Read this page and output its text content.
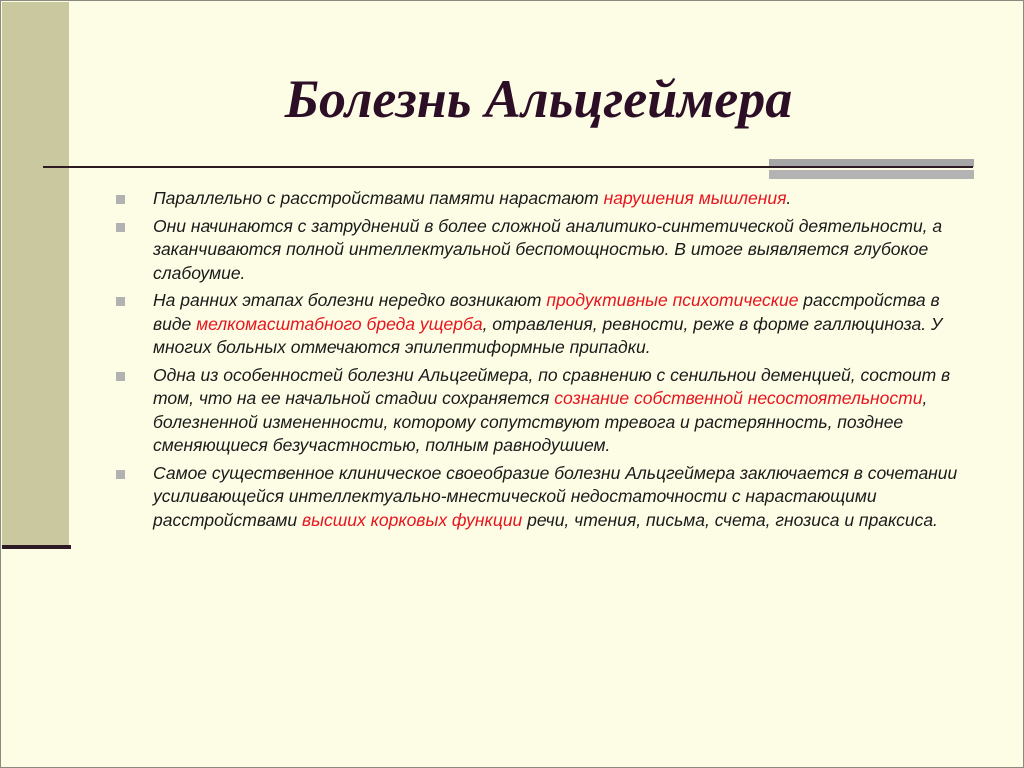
Болезнь Альцгеймера
Параллельно с расстройствами памяти нарастают нарушения мышления.
Они начинаются с затруднений в более сложной аналитико-синтетической деятельности, а заканчиваются полной интеллектуальной беспомощностью. В итоге выявляется глубокое слабоумие.
На ранних этапах болезни нередко возникают продуктивные психотические расстройства в виде мелкомасштабного бреда ущерба, отравления, ревности, реже в форме галлюциноза. У многих больных отмечаются эпилептиформные припадки.
Одна из особенностей болезни Альцгеймера, по сравнению с сенильнои деменцией, состоит в том, что на ее начальной стадии сохраняется сознание собственной несостоятельности, болезненной измененности, которому сопутствуют тревога и растерянность, позднее сменяющиеся безучастностью, полным равнодушием.
Самое существенное клиническое своеобразие болезни Альцгеймера заключается в сочетании усиливающейся интеллектуально-мнестической недостаточности с нарастающими расстройствами высших корковых функции речи, чтения, письма, счета, гнозиса и праксиса.
